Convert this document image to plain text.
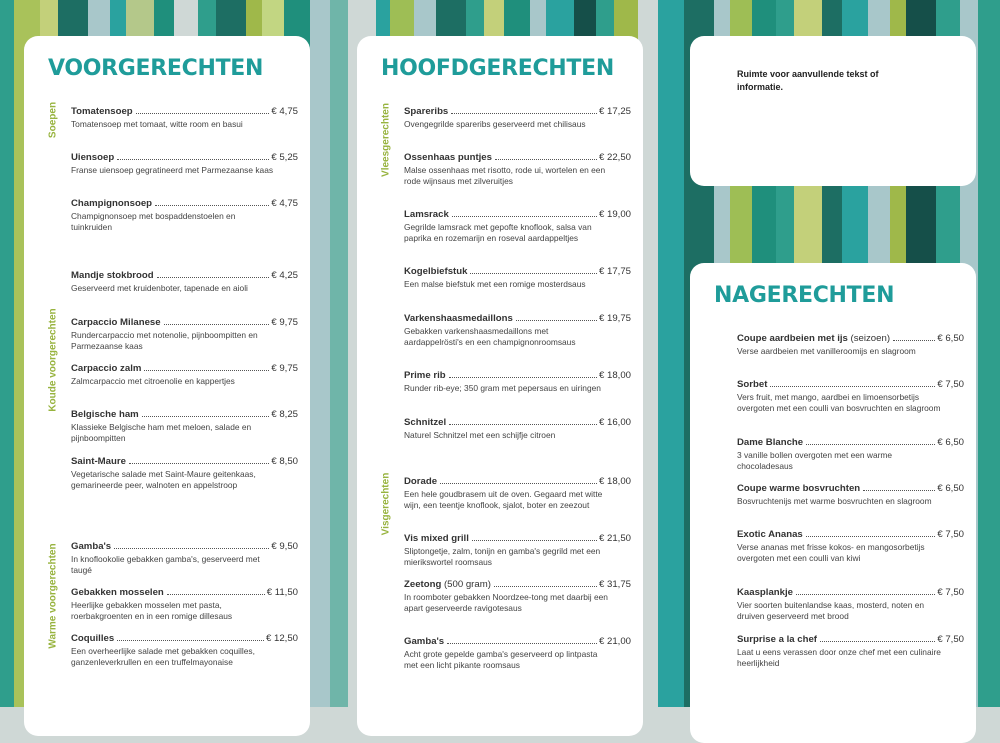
VOORGERECHTEN
Soepen
Koude voorgerechten
Warme voorgerechten
Tomatensoep	€ 4,75
Tomatensoep met tomaat, witte room en basui
Uiensoep	€ 5,25
Franse uiensoep gegratineerd met Parmezaanse kaas
Champignonsoep	€ 4,75
Champignonsoep met bospaddenstoelen en tuinkruiden
Mandje stokbrood	€ 4,25
Geserveerd met kruidenboter, tapenade en aioli
Carpaccio Milanese	€ 9,75
Rundercarpaccio met notenolie, pijnboompitten en Parmezaanse kaas
Carpaccio zalm	€ 9,75
Zalmcarpaccio met citroenolie en kappertjes
Belgische ham	€ 8,25
Klassieke Belgische ham met meloen, salade en pijnboompitten
Saint-Maure	€ 8,50
Vegetarische salade met Saint-Maure geitenkaas, gemarineerde peer, walnoten en appelstroop
Gamba's	€ 9,50
In knoflookolie gebakken gamba's, geserveerd met taugé
Gebakken mosselen	€ 11,50
Heerlijke gebakken mosselen met pasta, roerbakgroenten en in een romige dillesaus
Coquilles	€ 12,50
Een overheerlijke salade met gebakken coquilles, ganzenleverkrullen en een truffelmayonaise
HOOFDGERECHTEN
Vleesgerechten
Visgerechten
Spareribs	€ 17,25
Ovengegrilde spareribs geserveerd met chilisaus
Ossenhaas puntjes	€ 22,50
Malse ossenhaas met risotto, rode ui, wortelen en een rode wijnsaus met zilveruitjes
Lamsrack	€ 19,00
Gegrilde lamsrack met gepofte knoflook, salsa van paprika en rozemarijn en roseval aardappeltjes
Kogelbiefstuk	€ 17,75
Een malse biefstuk met een romige mosterdsaus
Varkenshaasmedaillons	€ 19,75
Gebakken varkenshaasmedaillons met aardappelrösti's en een champignonroomsaus
Prime rib	€ 18,00
Runder rib-eye; 350 gram met pepersaus en uiringen
Schnitzel	€ 16,00
Naturel Schnitzel met een schijfje citroen
Dorade	€ 18,00
Een hele goudbrasem uit de oven. Gegaard met witte wijn, een teentje knoflook, sjalot, boter en zeezout
Vis mixed grill	€ 21,50
Sliptongetje, zalm, tonijn en gamba's gegrild met een mierikswortel roomsaus
Zeetong (500 gram)	€ 31,75
In roomboter gebakken Noordzee-tong met daarbij een apart geserveerde ravigotesaus
Gamba's	€ 21,00
Acht grote gepelde gamba's geserveerd op lintpasta met een licht pikante roomsaus

Ruimte voor aanvullende tekst of informatie.

NAGERECHTEN
Coupe aardbeien met ijs (seizoen)	€ 6,50
Verse aardbeien met vanilleroomijs en slagroom
Sorbet	€ 7,50
Vers fruit, met mango, aardbei en limoensorbetijs overgoten met een coulli van bosvruchten en slagroom
Dame Blanche	€ 6,50
3 vanille bollen overgoten met een warme chocoladesaus
Coupe warme bosvruchten	€ 6,50
Bosvruchtenijs met warme bosvruchten en slagroom
Exotic Ananas	€ 7,50
Verse ananas met frisse kokos- en mangosorbetijs overgoten met een coulli van kiwi
Kaasplankje	€ 7,50
Vier soorten buitenlandse kaas, mosterd, noten en druiven geserveerd met brood
Surprise a la chef	€ 7,50
Laat u eens verassen door onze chef met een culinaire heerlijkheid
